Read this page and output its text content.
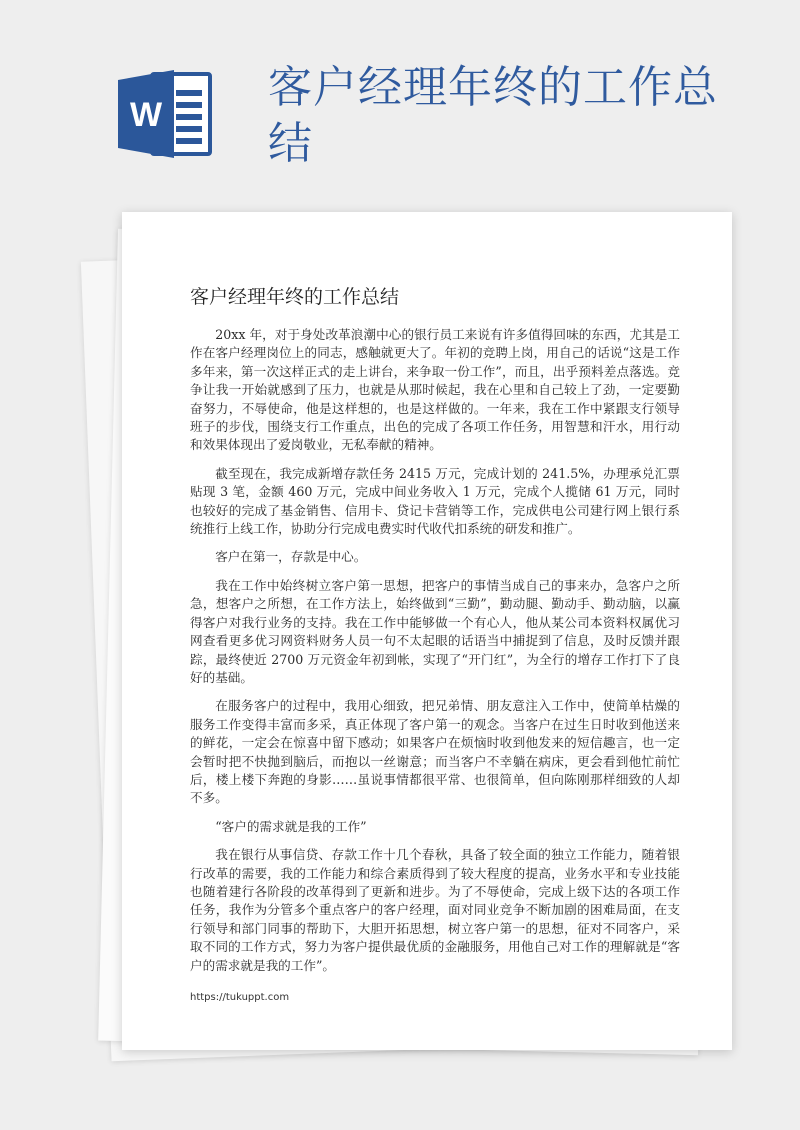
W
客户经理年终的工作总结
客户经理年终的工作总结

20xx 年，对于身处改革浪潮中心的银行员工来说有许多值得回味的东西，尤其是工作在客户经理岗位上的同志，感触就更大了。年初的竞聘上岗，用自己的话说“这是工作多年来，第一次这样正式的走上讲台，来争取一份工作”，而且，出乎预料差点落选。竞争让我一开始就感到了压力，也就是从那时候起，我在心里和自己较上了劲，一定要勤奋努力，不辱使命，他是这样想的，也是这样做的。一年来，我在工作中紧跟支行领导班子的步伐，围绕支行工作重点，出色的完成了各项工作任务，用智慧和汗水，用行动和效果体现出了爱岗敬业，无私奉献的精神。

截至现在，我完成新增存款任务 2415 万元，完成计划的 241.5%，办理承兑汇票贴现 3 笔，金额 460 万元，完成中间业务收入 1 万元，完成个人揽储 61 万元，同时也较好的完成了基金销售、信用卡、贷记卡营销等工作，完成供电公司建行网上银行系统推行上线工作，协助分行完成电费实时代收代扣系统的研发和推广。

客户在第一，存款是中心。

我在工作中始终树立客户第一思想，把客户的事情当成自己的事来办，急客户之所急，想客户之所想，在工作方法上，始终做到“三勤”，勤动腿、勤动手、勤动脑，以赢得客户对我行业务的支持。我在工作中能够做一个有心人，他从某公司本资料权属优习网查看更多优习网资料财务人员一句不太起眼的话语当中捕捉到了信息，及时反馈并跟踪，最终使近 2700 万元资金年初到帐，实现了“开门红”，为全行的增存工作打下了良好的基础。

在服务客户的过程中，我用心细致，把兄弟情、朋友意注入工作中，使简单枯燥的服务工作变得丰富而多采，真正体现了客户第一的观念。当客户在过生日时收到他送来的鲜花，一定会在惊喜中留下感动；如果客户在烦恼时收到他发来的短信趣言，也一定会暂时把不快抛到脑后，而抱以一丝谢意；而当客户不幸躺在病床，更会看到他忙前忙后，楼上楼下奔跑的身影……虽说事情都很平常、也很简单，但向陈刚那样细致的人却不多。

“客户的需求就是我的工作”

我在银行从事信贷、存款工作十几个春秋，具备了较全面的独立工作能力，随着银行改革的需要，我的工作能力和综合素质得到了较大程度的提高，业务水平和专业技能也随着建行各阶段的改革得到了更新和进步。为了不辱使命，完成上级下达的各项工作任务，我作为分管多个重点客户的客户经理，面对同业竞争不断加剧的困难局面，在支行领导和部门同事的帮助下，大胆开拓思想，树立客户第一的思想，征对不同客户，采取不同的工作方式，努力为客户提供最优质的金融服务，用他自己对工作的理解就是“客户的需求就是我的工作”。

https://tukuppt.com
